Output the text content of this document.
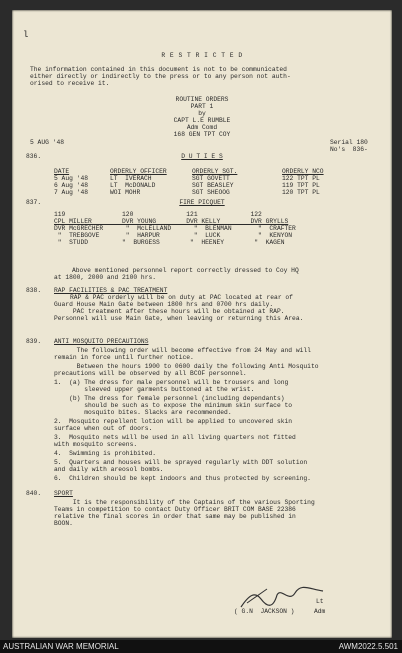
l
R E S T R I C T E D
The information contained in this document is not to be communicated
either directly or indirectly to the press or to any person not auth-
orised to receive it.
ROUTINE ORDERS
PART 1
by
CAPT L.E RUMBLE
Adm Comd
168 GEN TPT COY
5 AUG '48	Serial 180
No's  836-
836.	D U T I E S
DATE	ORDERLY OFFICER	ORDERLY SGT.	ORDERLY NCO
5 Aug '48	LT  IVERACH	SGT GOVETT	122 TPT PL
6 Aug '48	LT  McDONALD	SGT BEASLEY	119 TPT PL
7 Aug '48	WOI MOHR	SGT SHEOOG	120 TPT PL
837.	FIRE PICQUET
119               120              121              122
CPL MILLER        DVR YOUNG        DVR KELLY        DVR GRYLLS
DVR McGRECHER      "  McLELLAND      "  BLENMAN       "  CRAFTER
"  TREBGOVE       "  HARPUR         "  LUCK          "  KENYON
"  STUDD         "  BURGESS        "  HEENEY        "  KAGEN
Above mentioned personnel report correctly dressed to Coy HQ
at 1800, 2000 and 2100 hrs.
838. RAP FACILITIES & PAC TREATMENT
RAP & PAC orderly will be on duty at PAC located at rear of
Guard House Main Gate between 1800 hrs and 0700 hrs daily.
PAC treatment after these hours will be obtained at RAP.
Personnel will use Main Gate, when leaving or returning this Area.
839. ANTI MOSQUITO PRECAUTIONS
The following order will become effective from 24 May and will
remain in force until further notice.
Between the hours 1900 to 0600 daily the following Anti Mosquito
precautions will be observed by all BCOF personnel.
1.  (a) The dress for male personnel will be trousers and long
sleeved upper garments buttoned at the wrist.
(b) The dress for female personnel (including dependants)
should be such as to expose the minimum skin surface to
mosquito bites. Slacks are recommended.
2.  Mosquito repellent lotion will be applied to uncovered skin
surface when out of doors.
3.  Mosquito nets will be used in all living quarters not fitted
with mosquito screens.
4.  Swimming is prohibited.
5.  Quarters and houses will be sprayed regularly with DDT solution
and daily with areosol bombs.
6.  Children should be kept indoors and thus protected by screening.
840. SPORT
It is the responsibility of the Captains of the various Sporting
Teams in competition to contact Duty Officer BRIT COM BASE 22386
relative the final scores in order that same may be published in
BOON.
Lt
( G.N  JACKSON )	Adm
AUSTRALIAN WAR MEMORIAL	AWM2022.5.501
